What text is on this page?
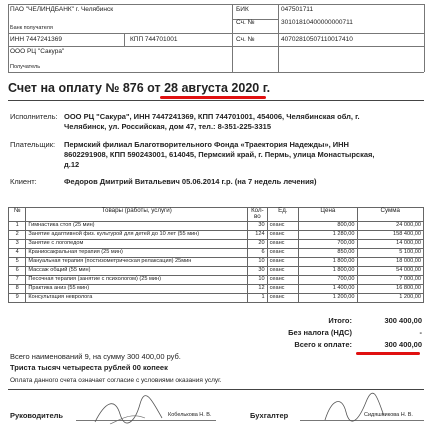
ПАО "ЧЕЛИНДБАНК" г. Челябинск
Банк получателя
БИК	047501711
Сч. №	30101810400000000711
ИНН 7447241369	КПП 744701001	Сч. №	40702810507110017410
ООО РЦ "Сакура"
Получатель
Счет на оплату № 876 от 28 августа 2020 г.
Исполнитель: ООО РЦ "Сакура", ИНН 7447241369, КПП 744701001, 454006, Челябинская обл, г.
Челябинск, ул. Российская, дом 47, тел.: 8-351-225-3315
Плательщик: Пермский филиал Благотворительного Фонда «Траектория Надежды», ИНН
8602291908, КПП 590243001, 614045, Пермский край, г. Пермь, улица Монастырская,
д.12
Клиент:	Федоров Дмитрий Витальевич 05.06.2014 г.р. (на 7 недель лечения)
№	Товары (работы, услуги)	Кол-во	Ед.	Цена	Сумма
1	Гимнастика стоп (25 мин)	30	сеанс	800,00	24 000,00
2	Занятие адаптивной физ. культурой для детей до 10 лет (55 мин)	124	сеанс	1 280,00	158 400,00
3	Занятие с логопедом	20	сеанс	700,00	14 000,00
4	Краниосакральная терапия (25 мин)	6	сеанс	850,00	5 100,00
5	Мануальная терапия (постизометрическая релаксация) 25мин	10	сеанс	1 800,00	18 000,00
6	Массаж общий (55 мин)	30	сеанс	1 800,00	54 000,00
7	Песочная терапия (занятие с психологом) (25 мин)	10	сеанс	700,00	7 000,00
8	Практика аниз (55 мин)	12	сеанс	1 400,00	16 800,00
9	Консультация невролога	1	сеанс	1 200,00	1 200,00
Итого:	300 400,00
Без налога (НДС)	-
Всего к оплате:	300 400,00
Всего наименований 9, на сумму 300 400,00 руб.
Триста тысяч четыреста рублей 00 копеек
Оплата данного счета означает согласие с условиями оказания услуг.
Руководитель	Кобелькова Н. В.	Бухгалтер	Сидяшникова Н. В.
